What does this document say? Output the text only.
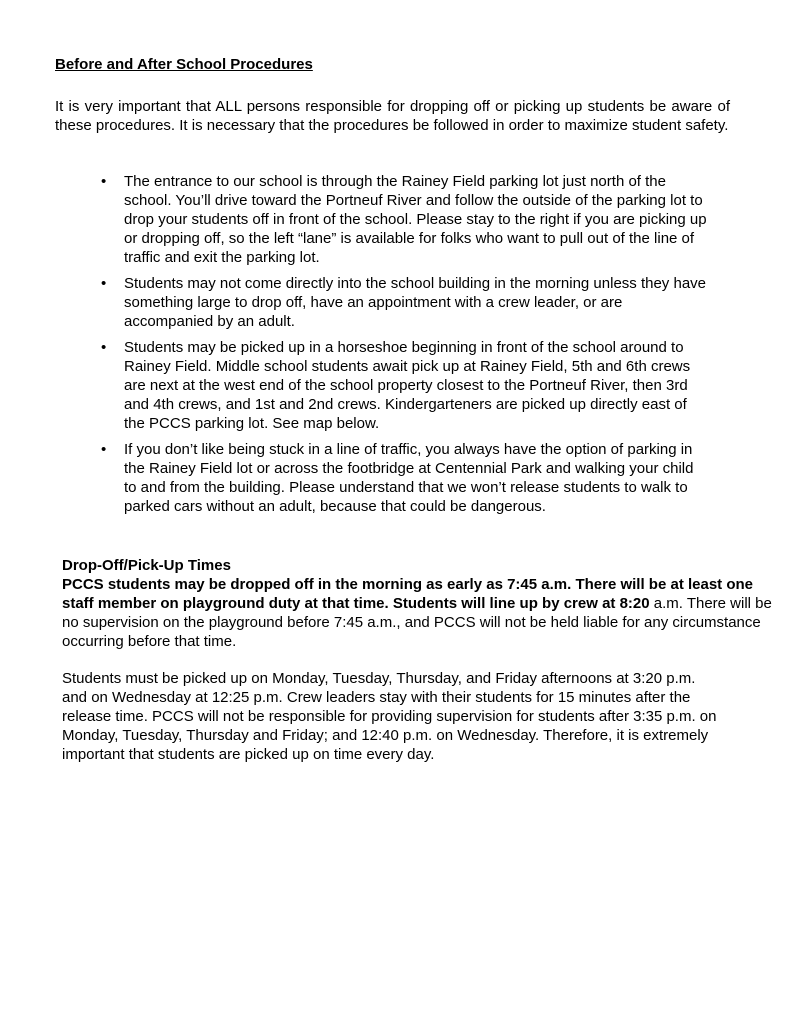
Before and After School Procedures
It is very important that ALL persons responsible for dropping off or picking up students be aware of these procedures. It is necessary that the procedures be followed in order to maximize student safety.
• The entrance to our school is through the Rainey Field parking lot just north of the school. You’ll drive toward the Portneuf River and follow the outside of the parking lot to drop your students off in front of the school. Please stay to the right if you are picking up or dropping off, so the left “lane” is available for folks who want to pull out of the line of traffic and exit the parking lot.
• Students may not come directly into the school building in the morning unless they have something large to drop off, have an appointment with a crew leader, or are accompanied by an adult.
• Students may be picked up in a horseshoe beginning in front of the school around to Rainey Field. Middle school students await pick up at Rainey Field, 5th and 6th crews are next at the west end of the school property closest to the Portneuf River, then 3rd and 4th crews, and 1st and 2nd crews. Kindergarteners are picked up directly east of the PCCS parking lot. See map below.
• If you don’t like being stuck in a line of traffic, you always have the option of parking in the Rainey Field lot or across the footbridge at Centennial Park and walking your child to and from the building. Please understand that we won’t release students to walk to parked cars without an adult, because that could be dangerous.
Drop-Off/Pick-Up Times
PCCS students may be dropped off in the morning as early as 7:45 a.m. There will be at least one staff member on playground duty at that time. Students will line up by crew at 8:20 a.m. There will be no supervision on the playground before 7:45 a.m., and PCCS will not be held liable for any circumstance occurring before that time.
Students must be picked up on Monday, Tuesday, Thursday, and Friday afternoons at 3:20 p.m. and on Wednesday at 12:25 p.m. Crew leaders stay with their students for 15 minutes after the release time. PCCS will not be responsible for providing supervision for students after 3:35 p.m. on Monday, Tuesday, Thursday and Friday; and 12:40 p.m. on Wednesday. Therefore, it is extremely important that students are picked up on time every day.
